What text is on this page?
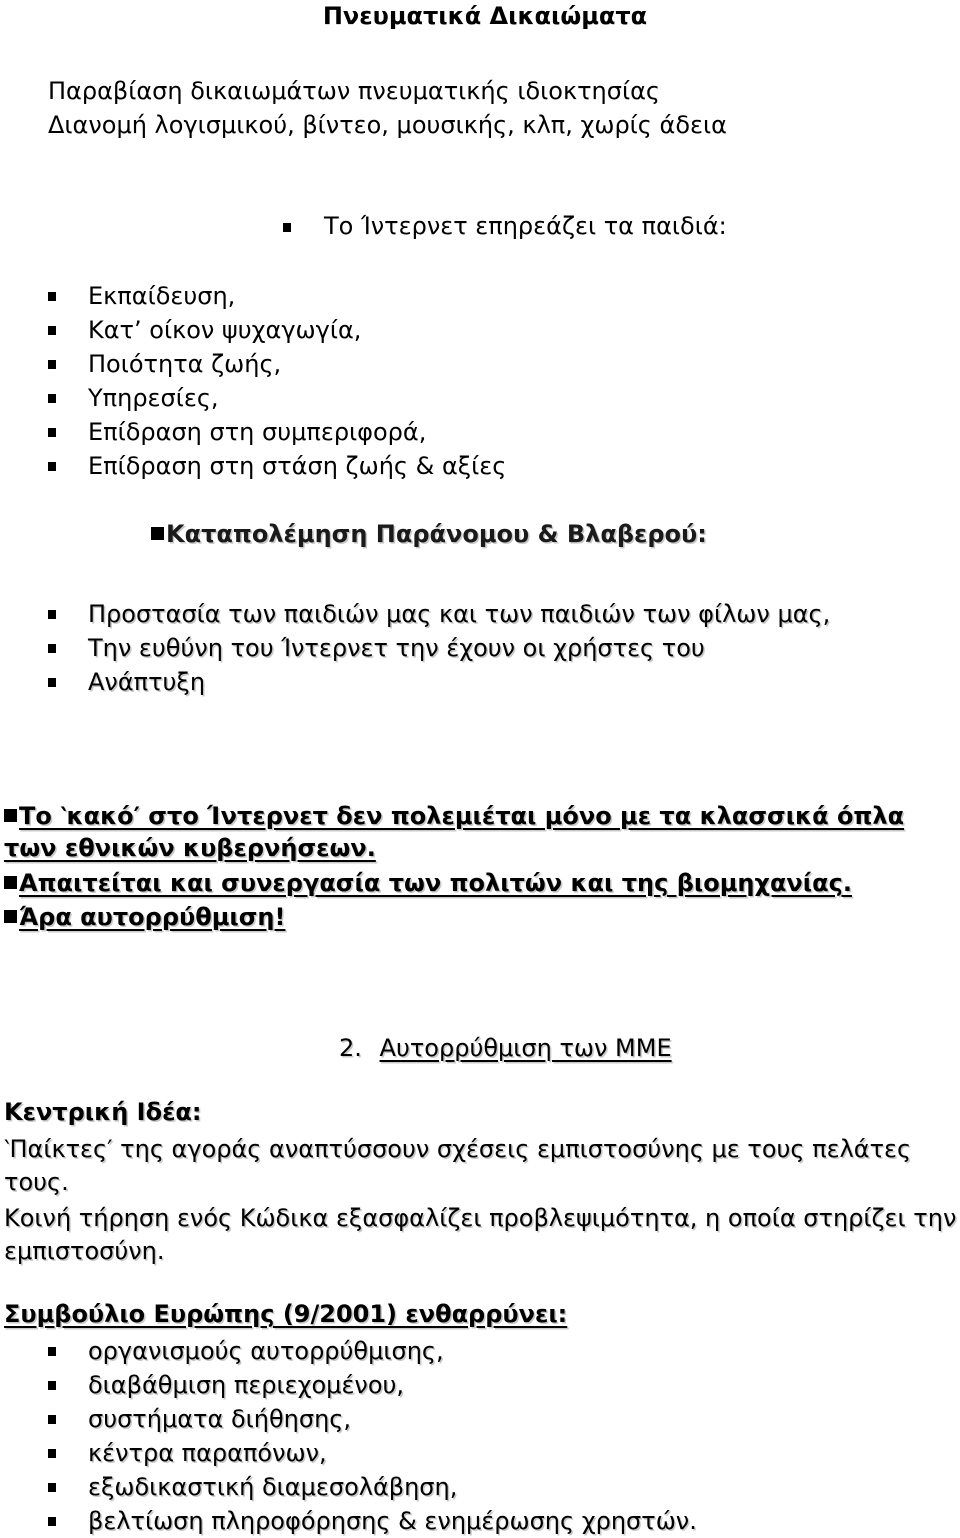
Πνευματικά Δικαιώματα
Παραβίαση δικαιωμάτων πνευματικής ιδιοκτησίας
Διανομή λογισμικού, βίντεο, μουσικής, κλπ, χωρίς άδεια
Το Ίντερνετ επηρεάζει τα παιδιά:
Εκπαίδευση,
Κατ’ οίκον ψυχαγωγία,
Ποιότητα ζωής,
Υπηρεσίες,
Επίδραση στη συμπεριφορά,
Επίδραση στη στάση ζωής & αξίες
Καταπολέμηση Παράνομου & Βλαβερού:
Προστασία των παιδιών μας και των παιδιών των φίλων μας,
Την ευθύνη του Ίντερνετ την έχουν οι χρήστες του
Ανάπτυξη
Το ‵κακό′ στο Ίντερνετ δεν πολεμιέται μόνο με τα κλασσικά όπλα
των εθνικών κυβερνήσεων.
Απαιτείται και συνεργασία των πολιτών και της βιομηχανίας.
Άρα αυτορρύθμιση!
2. Αυτορρύθμιση των ΜΜΕ
Κεντρική Ιδέα:
‵Παίκτες′ της αγοράς αναπτύσσουν σχέσεις εμπιστοσύνης με τους πελάτες
τους.
Κοινή τήρηση ενός Κώδικα εξασφαλίζει προβλεψιμότητα, η οποία στηρίζει την
εμπιστοσύνη.
Συμβούλιο Ευρώπης (9/2001) ενθαρρύνει:
οργανισμούς αυτορρύθμισης,
διαβάθμιση περιεχομένου,
συστήματα διήθησης,
κέντρα παραπόνων,
εξωδικαστική διαμεσολάβηση,
βελτίωση πληροφόρησης & ενημέρωσης χρηστών.
